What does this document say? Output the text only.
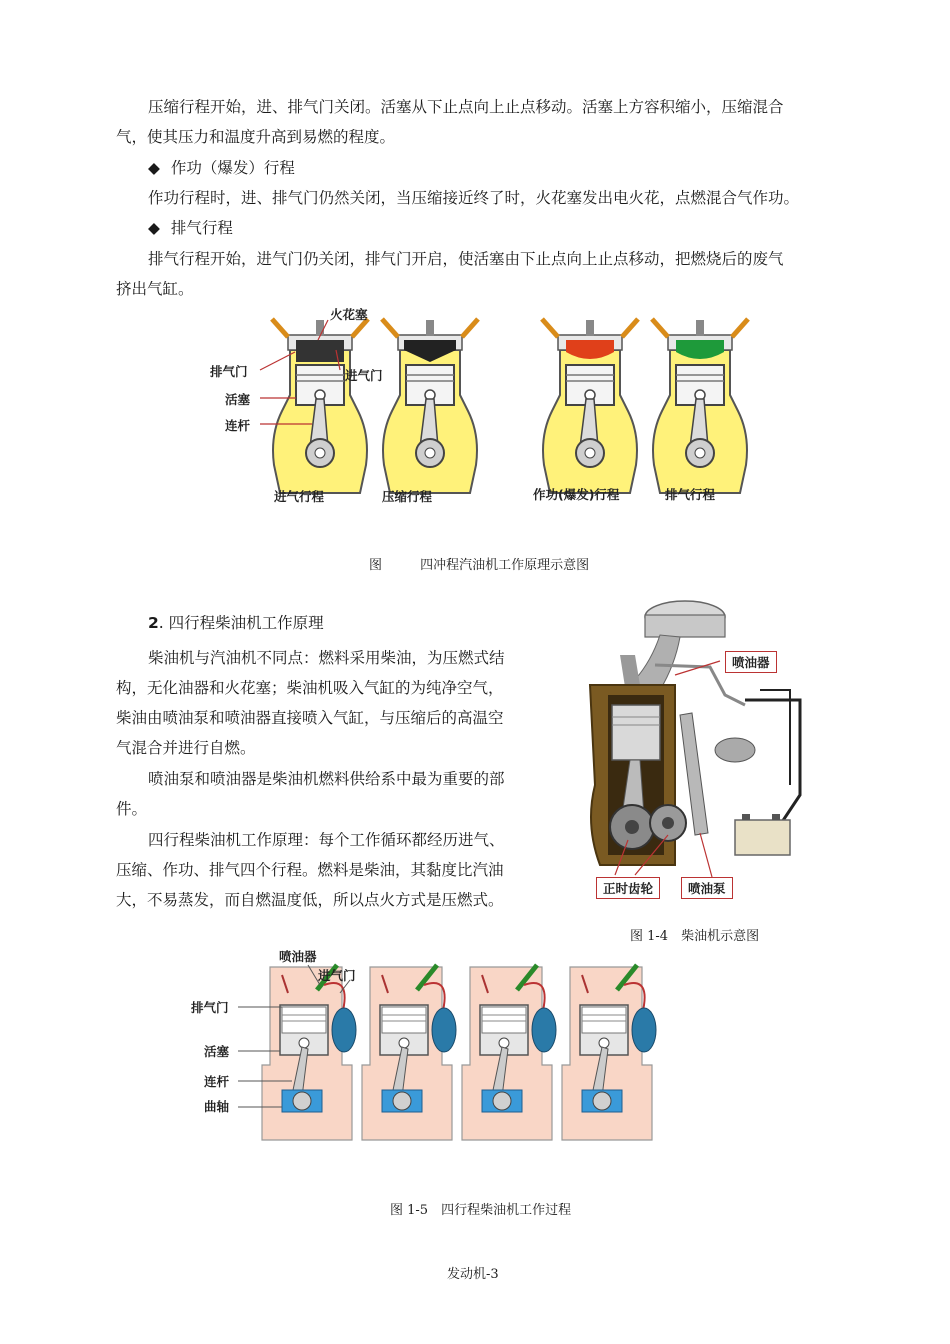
压缩行程开始，进、排气门关闭。活塞从下止点向上止点移动。活塞上方容积缩小，压缩混合
气，使其压力和温度升高到易燃的程度。
◆ 作功（爆发）行程
作功行程时，进、排气门仍然关闭，当压缩接近终了时，火花塞发出电火花，点燃混合气作功。
◆ 排气行程
排气行程开始，进气门仍关闭，排气门开启，使活塞由下止点向上止点移动，把燃烧后的废气
挤出气缸。
火花塞
排气门	进气门
活塞
连杆
进气行程	压缩行程	作功(爆发)行程	排气行程
图	四冲程汽油机工作原理示意图
2. 四行程柴油机工作原理
柴油机与汽油机不同点：燃料采用柴油，为压燃式结
构，无化油器和火花塞；柴油机吸入气缸的为纯净空气，
柴油由喷油泵和喷油器直接喷入气缸，与压缩后的高温空
气混合并进行自燃。
喷油泵和喷油器是柴油机燃料供给系中最为重要的部
件。
四行程柴油机工作原理：每个工作循环都经历进气、
压缩、作功、排气四个行程。燃料是柴油，其黏度比汽油
大，不易蒸发，而自燃温度低，所以点火方式是压燃式。
喷油器
正时齿轮	喷油泵
图 1-4　柴油机示意图
喷油器
进气门
排气门
活塞
连杆
曲轴
图 1-5　四行程柴油机工作过程
发动机-3
